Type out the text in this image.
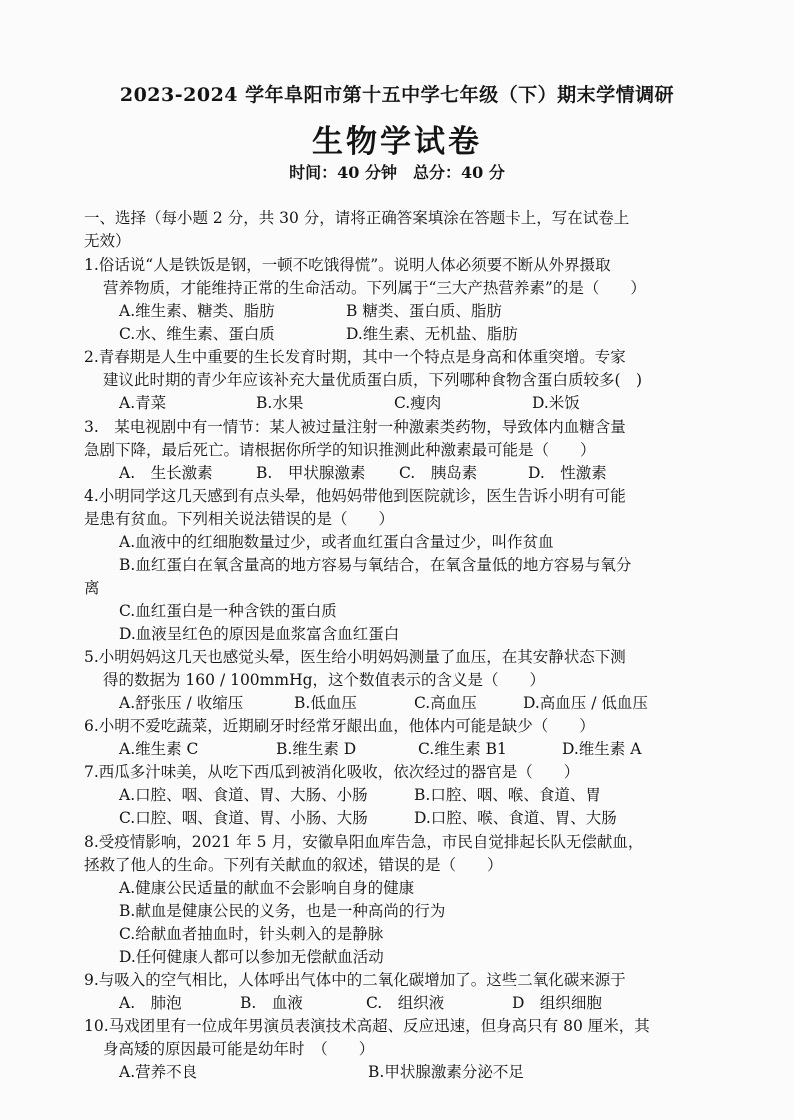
2023-2024 学年阜阳市第十五中学七年级（下）期末学情调研
生物学试卷
时间：40 分钟　总分：40 分
一、选择（每小题 2 分，共 30 分，请将正确答案填涂在答题卡上，写在试卷上
无效）
1.俗话说“人是铁饭是钢，一顿不吃饿得慌”。说明人体必须要不断从外界摄取
营养物质，才能维持正常的生命活动。下列属于“三大产热营养素”的是（　　）
A.维生素、糖类、脂肪	B 糖类、蛋白质、脂肪
C.水、维生素、蛋白质	D.维生素、无机盐、脂肪
2.青春期是人生中重要的生长发育时期，其中一个特点是身高和体重突增。专家
建议此时期的青少年应该补充大量优质蛋白质，下列哪种食物含蛋白质较多(　)
A.青菜	B.水果	C.瘦肉	D.米饭
3.　某电视剧中有一情节：某人被过量注射一种激素类药物，导致体内血糖含量
急剧下降，最后死亡。请根据你所学的知识推测此种激素最可能是（　　）
A.　生长激素	B.　甲状腺激素 C.　胰岛素	D.　性激素
4.小明同学这几天感到有点头晕，他妈妈带他到医院就诊，医生告诉小明有可能
是患有贫血。下列相关说法错误的是（　　）
A.血液中的红细胞数量过少，或者血红蛋白含量过少，叫作贫血
B.血红蛋白在氧含量高的地方容易与氧结合，在氧含量低的地方容易与氧分
离
C.血红蛋白是一种含铁的蛋白质
D.血液呈红色的原因是血浆富含血红蛋白
5.小明妈妈这几天也感觉头晕，医生给小明妈妈测量了血压，在其安静状态下测
得的数据为 160 / 100mmHg，这个数值表示的含义是（　　）
A.舒张压 / 收缩压	B.低血压	C.高血压	D.高血压 / 低血压
6.小明不爱吃蔬菜，近期刷牙时经常牙龈出血，他体内可能是缺少（　　）
A.维生素 C	B.维生素 D	C.维生素 B1	D.维生素 A
7.西瓜多汁味美，从吃下西瓜到被消化吸收，依次经过的器官是（　　）
A.口腔、咽、食道、胃、大肠、小肠	B.口腔、咽、喉、食道、胃
C.口腔、咽、食道、胃、小肠、大肠	D.口腔、喉、食道、胃、大肠
8.受疫情影响，2021 年 5 月，安徽阜阳血库告急，市民自觉排起长队无偿献血，
拯救了他人的生命。下列有关献血的叙述，错误的是（　　）
A.健康公民适量的献血不会影响自身的健康
B.献血是健康公民的义务，也是一种高尚的行为
C.给献血者抽血时，针头刺入的是静脉
D.任何健康人都可以参加无偿献血活动
9.与吸入的空气相比，人体呼出气体中的二氧化碳增加了。这些二氧化碳来源于
A.　肺泡	B.　血液	C.　组织液	D　组织细胞
10.马戏团里有一位成年男演员表演技术高超、反应迅速，但身高只有 80 厘米，其
身高矮的原因最可能是幼年时　（　　）
A.营养不良	B.甲状腺激素分泌不足
